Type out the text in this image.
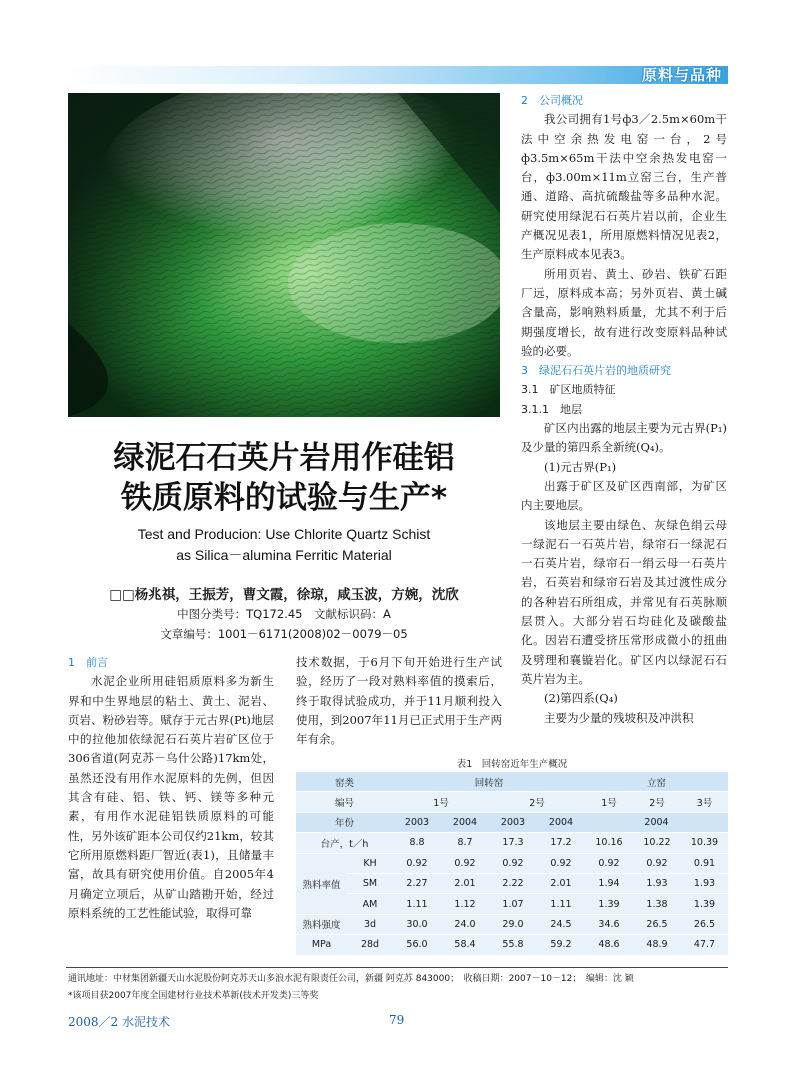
原料与品种
绿泥石石英片岩用作硅铝
铁质原料的试验与生产*
Test and Producion: Use Chlorite Quartz Schist
as Silica－alumina Ferritic Material
□□杨兆祺，王振芳，曹文霞，徐琼，咸玉波，方婉，沈欣
中图分类号：TQ172.45　文献标识码：A
文章编号：1001－6171(2008)02－0079－05
2　公司概况

我公司拥有1号ф3／2.5m×60m干法中空余热发电窑一台，2号ф3.5m×65m干法中空余热发电窑一台，ф3.00m×11m立窑三台，生产普通、道路、高抗硫酸盐等多品种水泥。研究使用绿泥石石英片岩以前，企业生产概况见表1，所用原燃料情况见表2，生产原料成本见表3。

所用页岩、黄土、砂岩、铁矿石距厂远，原料成本高；另外页岩、黄土碱含量高，影响熟料质量，尤其不利于后期强度增长，故有进行改变原料品种试验的必要。

3　绿泥石石英片岩的地质研究
3.1　矿区地质特征
3.1.1　地层

矿区内出露的地层主要为元古界(P₁)及少量的第四系全新统(Q₄)。

(1)元古界(P₁)

出露于矿区及矿区西南部，为矿区内主要地层。

该地层主要由绿色、灰绿色绢云母一绿泥石一石英片岩，绿帘石一绿泥石一石英片岩，绿帘石一绢云母一石英片岩，石英岩和绿帘石岩及其过渡性成分的各种岩石所组成，并常见有石英脉顺层贯入。大部分岩石均硅化及碳酸盐化。因岩石遭受挤压常形成微小的扭曲及劈理和襄镟岩化。矿区内以绿泥石石英片岩为主。

(2)第四系(Q₄)

主要为少量的残坡积及冲洪积

1　前言

水泥企业所用硅铝质原料多为新生界和中生界地层的粘土、黄土、泥岩、页岩、粉砂岩等。赋存于元古界(Pt)地层中的拉他加依绿泥石石英片岩矿区位于306省道(阿克苏－乌什公路)17km处，虽然还没有用作水泥原料的先例，但因其含有硅、铝、铁、钙、镁等多种元素，有用作水泥硅铝铁质原料的可能性，另外该矿距本公司仅约21km，较其它所用原燃料距厂智近(表1)，且储量丰富，故具有研究使用价值。自2005年4月确定立项后，从矿山踏勘开始，经过原料系统的工艺性能试验，取得可靠

技术数据，于6月下旬开始进行生产试验，经历了一段对熟料率值的摸索后，终于取得试验成功，并于11月顺利投入使用，到2007年11月已正式用于生产两年有余。

表1　回转窑近年生产概况
窑类		回转窑				立窑		
编号		1号		2号		1号	2号	3号
年份		2003	2004	2003	2004	2004		
台产，t／h		8.8	8.7	17.3	17.2	10.16	10.22	10.39
熟料率值	KH	0.92	0.92	0.92	0.92	0.92	0.92	0.91
	SM	2.27	2.01	2.22	2.01	1.94	1.93	1.93
	AM	1.11	1.12	1.07	1.11	1.39	1.38	1.39
熟料强度	3d	30.0	24.0	29.0	24.5	34.6	26.5	26.5
MPa	28d	56.0	58.4	55.8	59.2	48.6	48.9	47.7
通讯地址：中材集团新疆天山水泥股份阿克苏天山多浪水泥有限责任公司，新疆 阿克苏 843000；　收稿日期：2007－10－12；　编辑：沈 颖
*该项目获2007年度全国建材行业技术革新(技术开发类)三等奖
2008／2 水泥技术	79
